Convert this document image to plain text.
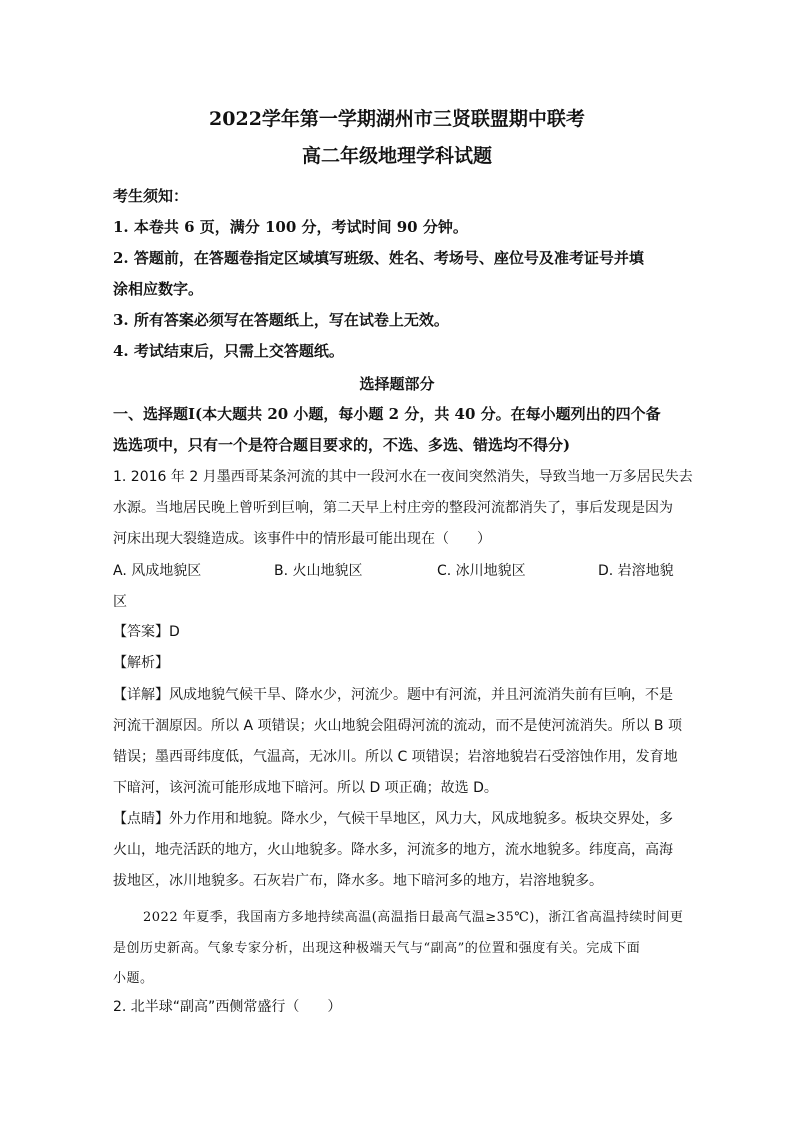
2022学年第一学期湖州市三贤联盟期中联考
高二年级地理学科试题
考生须知：
1. 本卷共 6 页，满分 100 分，考试时间 90 分钟。
2. 答题前，在答题卷指定区域填写班级、姓名、考场号、座位号及准考证号并填
涂相应数字。
3. 所有答案必须写在答题纸上，写在试卷上无效。
4. 考试结束后，只需上交答题纸。
选择题部分
一、选择题Ⅰ(本大题共 20 小题，每小题 2 分，共 40 分。在每小题列出的四个备
选选项中，只有一个是符合题目要求的，不选、多选、错选均不得分)
1. 2016 年 2 月墨西哥某条河流的其中一段河水在一夜间突然消失，导致当地一万多居民失去
水源。当地居民晚上曾听到巨响，第二天早上村庄旁的整段河流都消失了，事后发现是因为
河床出现大裂缝造成。该事件中的情形最可能出现在（　　）
A. 风成地貌区	B. 火山地貌区	C. 冰川地貌区	D. 岩溶地貌
区
【答案】D
【解析】
【详解】风成地貌气候干旱、降水少，河流少。题中有河流，并且河流消失前有巨响，不是
河流干涸原因。所以 A 项错误；火山地貌会阻碍河流的流动，而不是使河流消失。所以 B 项
错误；墨西哥纬度低，气温高，无冰川。所以 C 项错误；岩溶地貌岩石受溶蚀作用，发育地
下暗河，该河流可能形成地下暗河。所以 D 项正确；故选 D。
【点睛】外力作用和地貌。降水少，气候干旱地区，风力大，风成地貌多。板块交界处，多
火山，地壳活跃的地方，火山地貌多。降水多，河流多的地方，流水地貌多。纬度高，高海
拔地区，冰川地貌多。石灰岩广布，降水多。地下暗河多的地方，岩溶地貌多。
2022 年夏季，我国南方多地持续高温(高温指日最高气温≥35℃)，浙江省高温持续时间更
是创历史新高。气象专家分析，出现这种极端天气与“副高”的位置和强度有关。完成下面
小题。
2. 北半球“副高”西侧常盛行（　　）
